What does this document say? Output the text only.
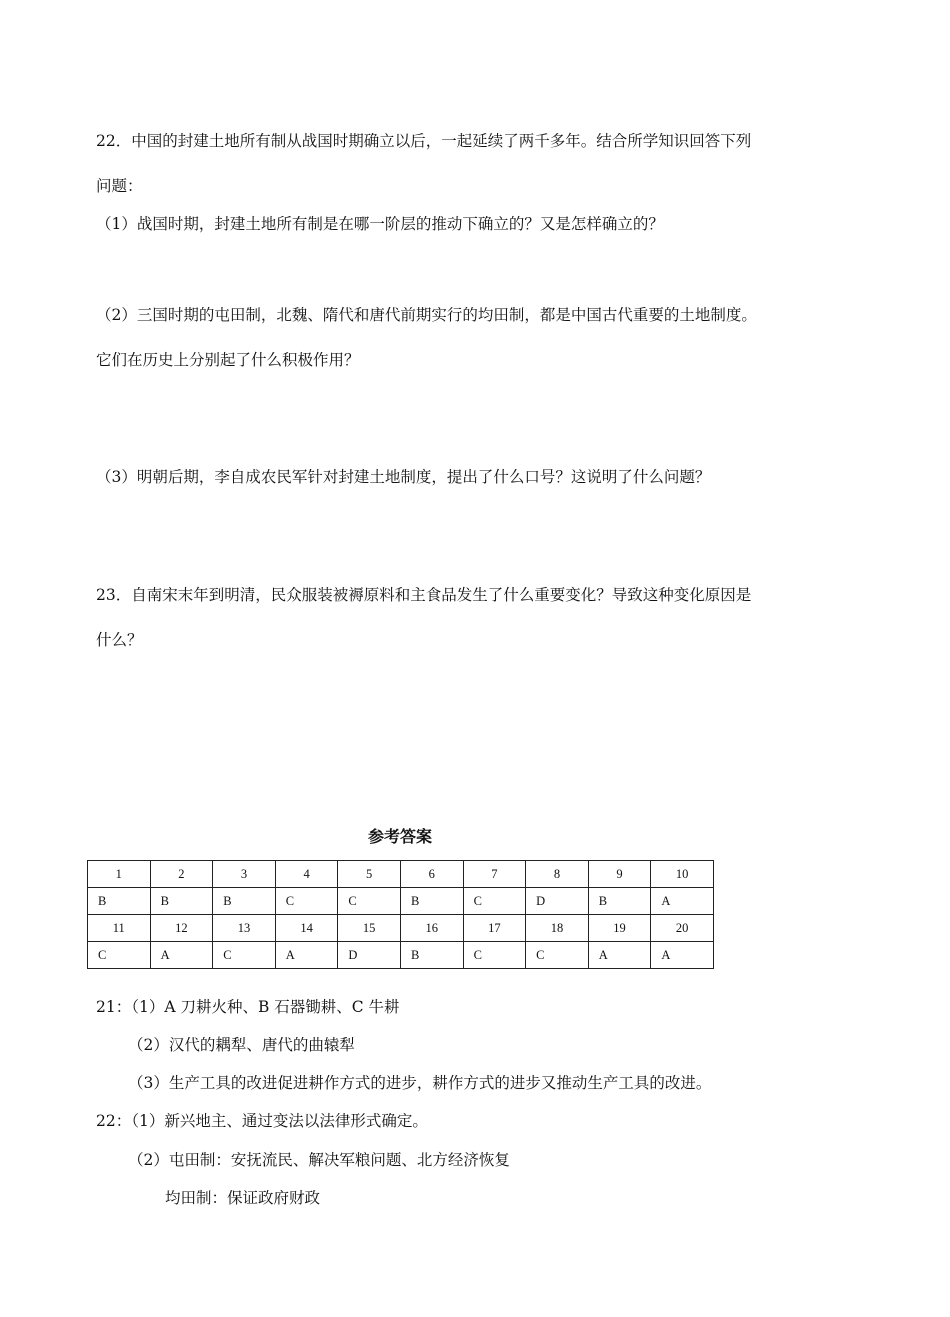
22．中国的封建土地所有制从战国时期确立以后，一起延续了两千多年。结合所学知识回答下列
问题：
（1）战国时期，封建土地所有制是在哪一阶层的推动下确立的？又是怎样确立的？
（2）三国时期的屯田制，北魏、隋代和唐代前期实行的均田制，都是中国古代重要的土地制度。
它们在历史上分别起了什么积极作用？
（3）明朝后期，李自成农民军针对封建土地制度，提出了什么口号？这说明了什么问题？
23．自南宋末年到明清，民众服装被褥原料和主食品发生了什么重要变化？导致这种变化原因是
什么？
参考答案
1	2	3	4	5	6	7	8	9	10
B	B	B	C	C	B	C	D	B	A
11	12	13	14	15	16	17	18	19	20
C	A	C	A	D	B	C	C	A	A
21：（1）A 刀耕火种、B 石器锄耕、C 牛耕
（2）汉代的耦犁、唐代的曲辕犁
（3）生产工具的改进促进耕作方式的进步，耕作方式的进步又推动生产工具的改进。
22：（1）新兴地主、通过变法以法律形式确定。
（2）屯田制：安抚流民、解决军粮问题、北方经济恢复
均田制：保证政府财政
